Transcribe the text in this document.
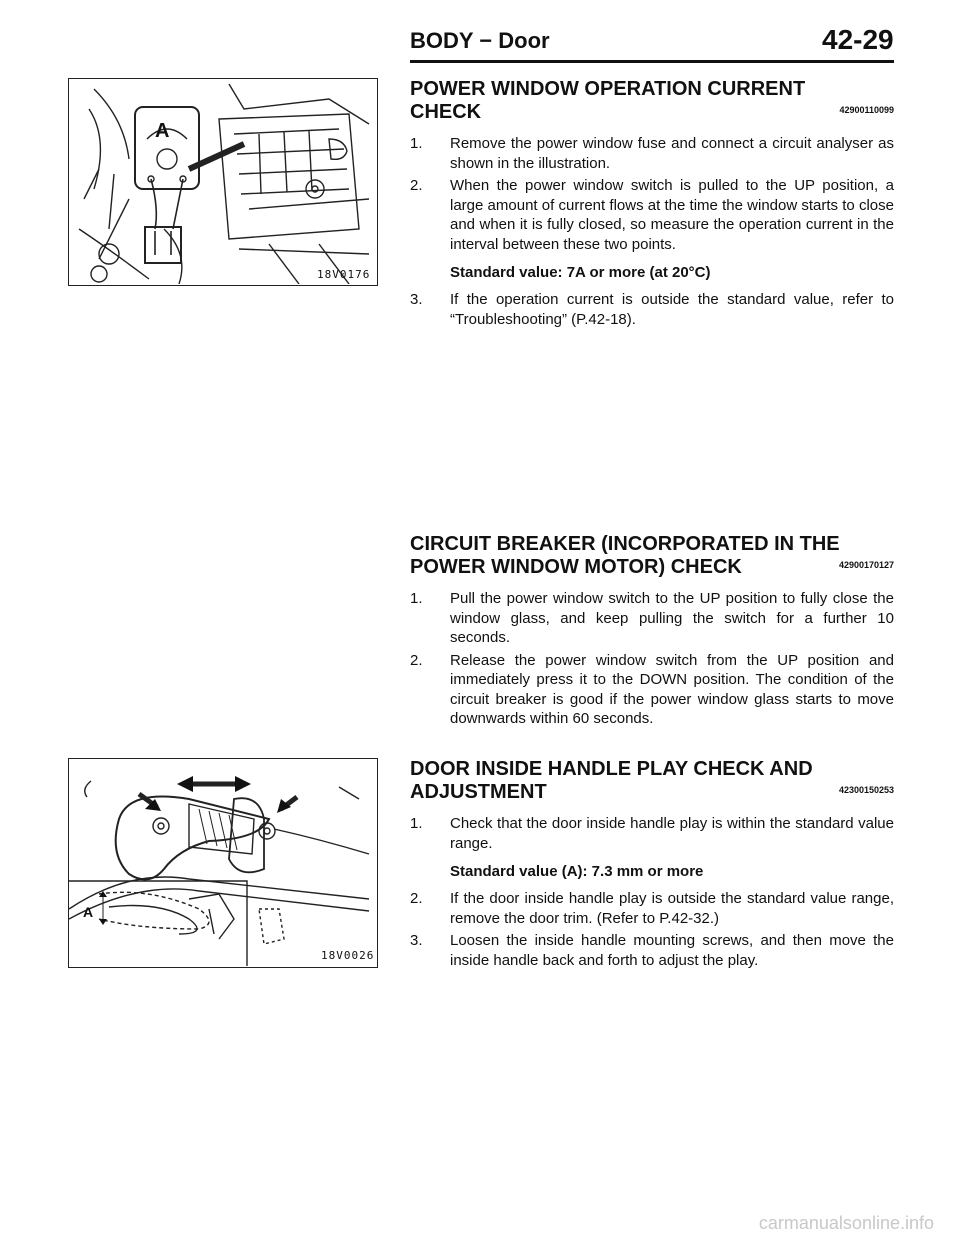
BODY − Door	42-29
A
18V0176
POWER WINDOW OPERATION CURRENT
CHECK	42900110099
1. Remove the power window fuse and connect a circuit analyser as shown in the illustration.
2. When the power window switch is pulled to the UP position, a large amount of current flows at the time the window starts to close and when it is fully closed, so measure the operation current in the interval between these two points.
Standard value: 7A or more (at 20°C)
3. If the operation current is outside the standard value, refer to “Troubleshooting” (P.42-18).
CIRCUIT BREAKER (INCORPORATED IN THE
POWER WINDOW MOTOR) CHECK	42900170127
1. Pull the power window switch to the UP position to fully close the window glass, and keep pulling the switch for a further 10 seconds.
2. Release the power window switch from the UP position and immediately press it to the DOWN position. The condition of the circuit breaker is good if the power window glass starts to move downwards within 60 seconds.
A
18V0026
DOOR INSIDE HANDLE PLAY CHECK AND
ADJUSTMENT	42300150253
1. Check that the door inside handle play is within the standard value range.
Standard value (A): 7.3 mm or more
2. If the door inside handle play is outside the standard value range, remove the door trim. (Refer to P.42-32.)
3. Loosen the inside handle mounting screws, and then move the inside handle back and forth to adjust the play.
carmanualsonline.info
